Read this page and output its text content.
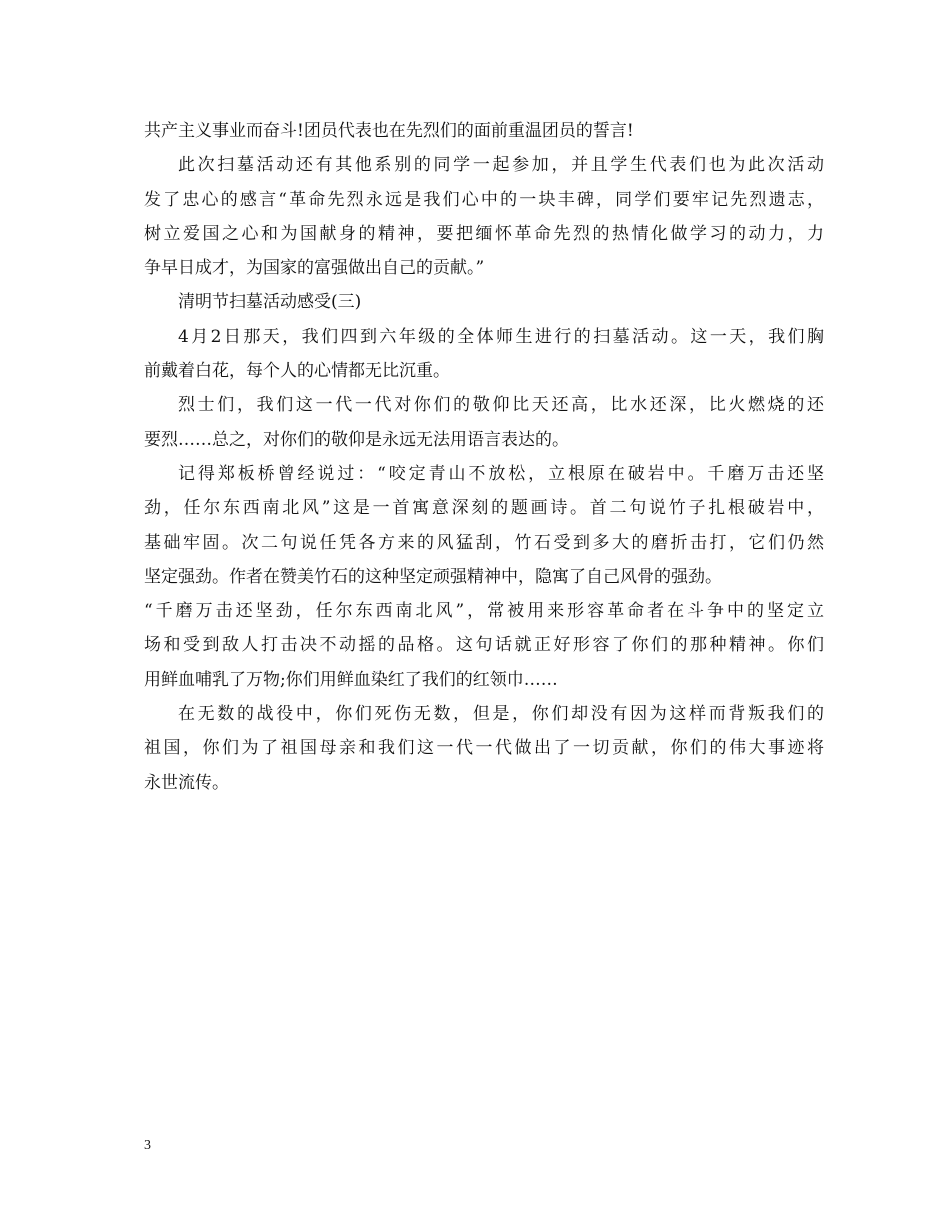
共产主义事业而奋斗!团员代表也在先烈们的面前重温团员的誓言!
此次扫墓活动还有其他系别的同学一起参加，并且学生代表们也为此次活动
发了忠心的感言“革命先烈永远是我们心中的一块丰碑，同学们要牢记先烈遗志，
树立爱国之心和为国献身的精神，要把缅怀革命先烈的热情化做学习的动力，力
争早日成才，为国家的富强做出自己的贡献。”
清明节扫墓活动感受(三)
4月2日那天，我们四到六年级的全体师生进行的扫墓活动。这一天，我们胸
前戴着白花，每个人的心情都无比沉重。
烈士们，我们这一代一代对你们的敬仰比天还高，比水还深，比火燃烧的还
要烈……总之，对你们的敬仰是永远无法用语言表达的。
记得郑板桥曾经说过：“咬定青山不放松，立根原在破岩中。千磨万击还坚
劲，任尔东西南北风”这是一首寓意深刻的题画诗。首二句说竹子扎根破岩中，
基础牢固。次二句说任凭各方来的风猛刮，竹石受到多大的磨折击打，它们仍然
坚定强劲。作者在赞美竹石的这种坚定顽强精神中，隐寓了自己风骨的强劲。
“千磨万击还坚劲，任尔东西南北风”，常被用来形容革命者在斗争中的坚定立
场和受到敌人打击决不动摇的品格。这句话就正好形容了你们的那种精神。你们
用鲜血哺乳了万物;你们用鲜血染红了我们的红领巾……
在无数的战役中，你们死伤无数，但是，你们却没有因为这样而背叛我们的
祖国，你们为了祖国母亲和我们这一代一代做出了一切贡献，你们的伟大事迹将
永世流传。
3
